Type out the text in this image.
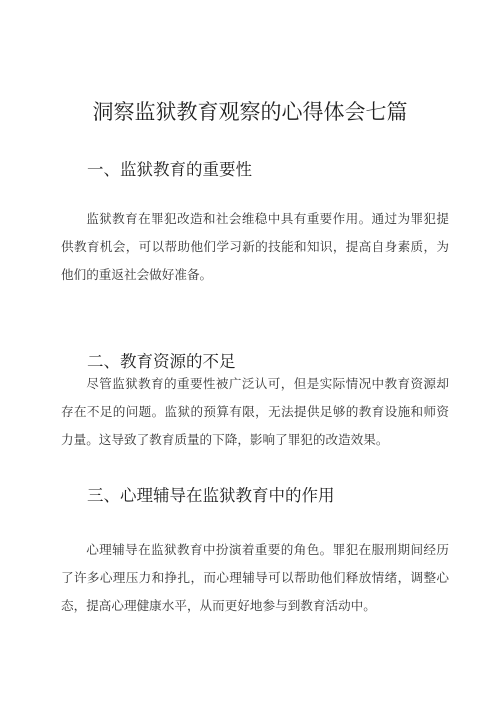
洞察监狱教育观察的心得体会七篇
一、监狱教育的重要性

监狱教育在罪犯改造和社会维稳中具有重要作用。通过为罪犯提供教育机会，可以帮助他们学习新的技能和知识，提高自身素质，为他们的重返社会做好准备。

二、教育资源的不足

尽管监狱教育的重要性被广泛认可，但是实际情况中教育资源却存在不足的问题。监狱的预算有限，无法提供足够的教育设施和师资力量。这导致了教育质量的下降，影响了罪犯的改造效果。

三、心理辅导在监狱教育中的作用

心理辅导在监狱教育中扮演着重要的角色。罪犯在服刑期间经历了许多心理压力和挣扎，而心理辅导可以帮助他们释放情绪，调整心态，提高心理健康水平，从而更好地参与到教育活动中。
